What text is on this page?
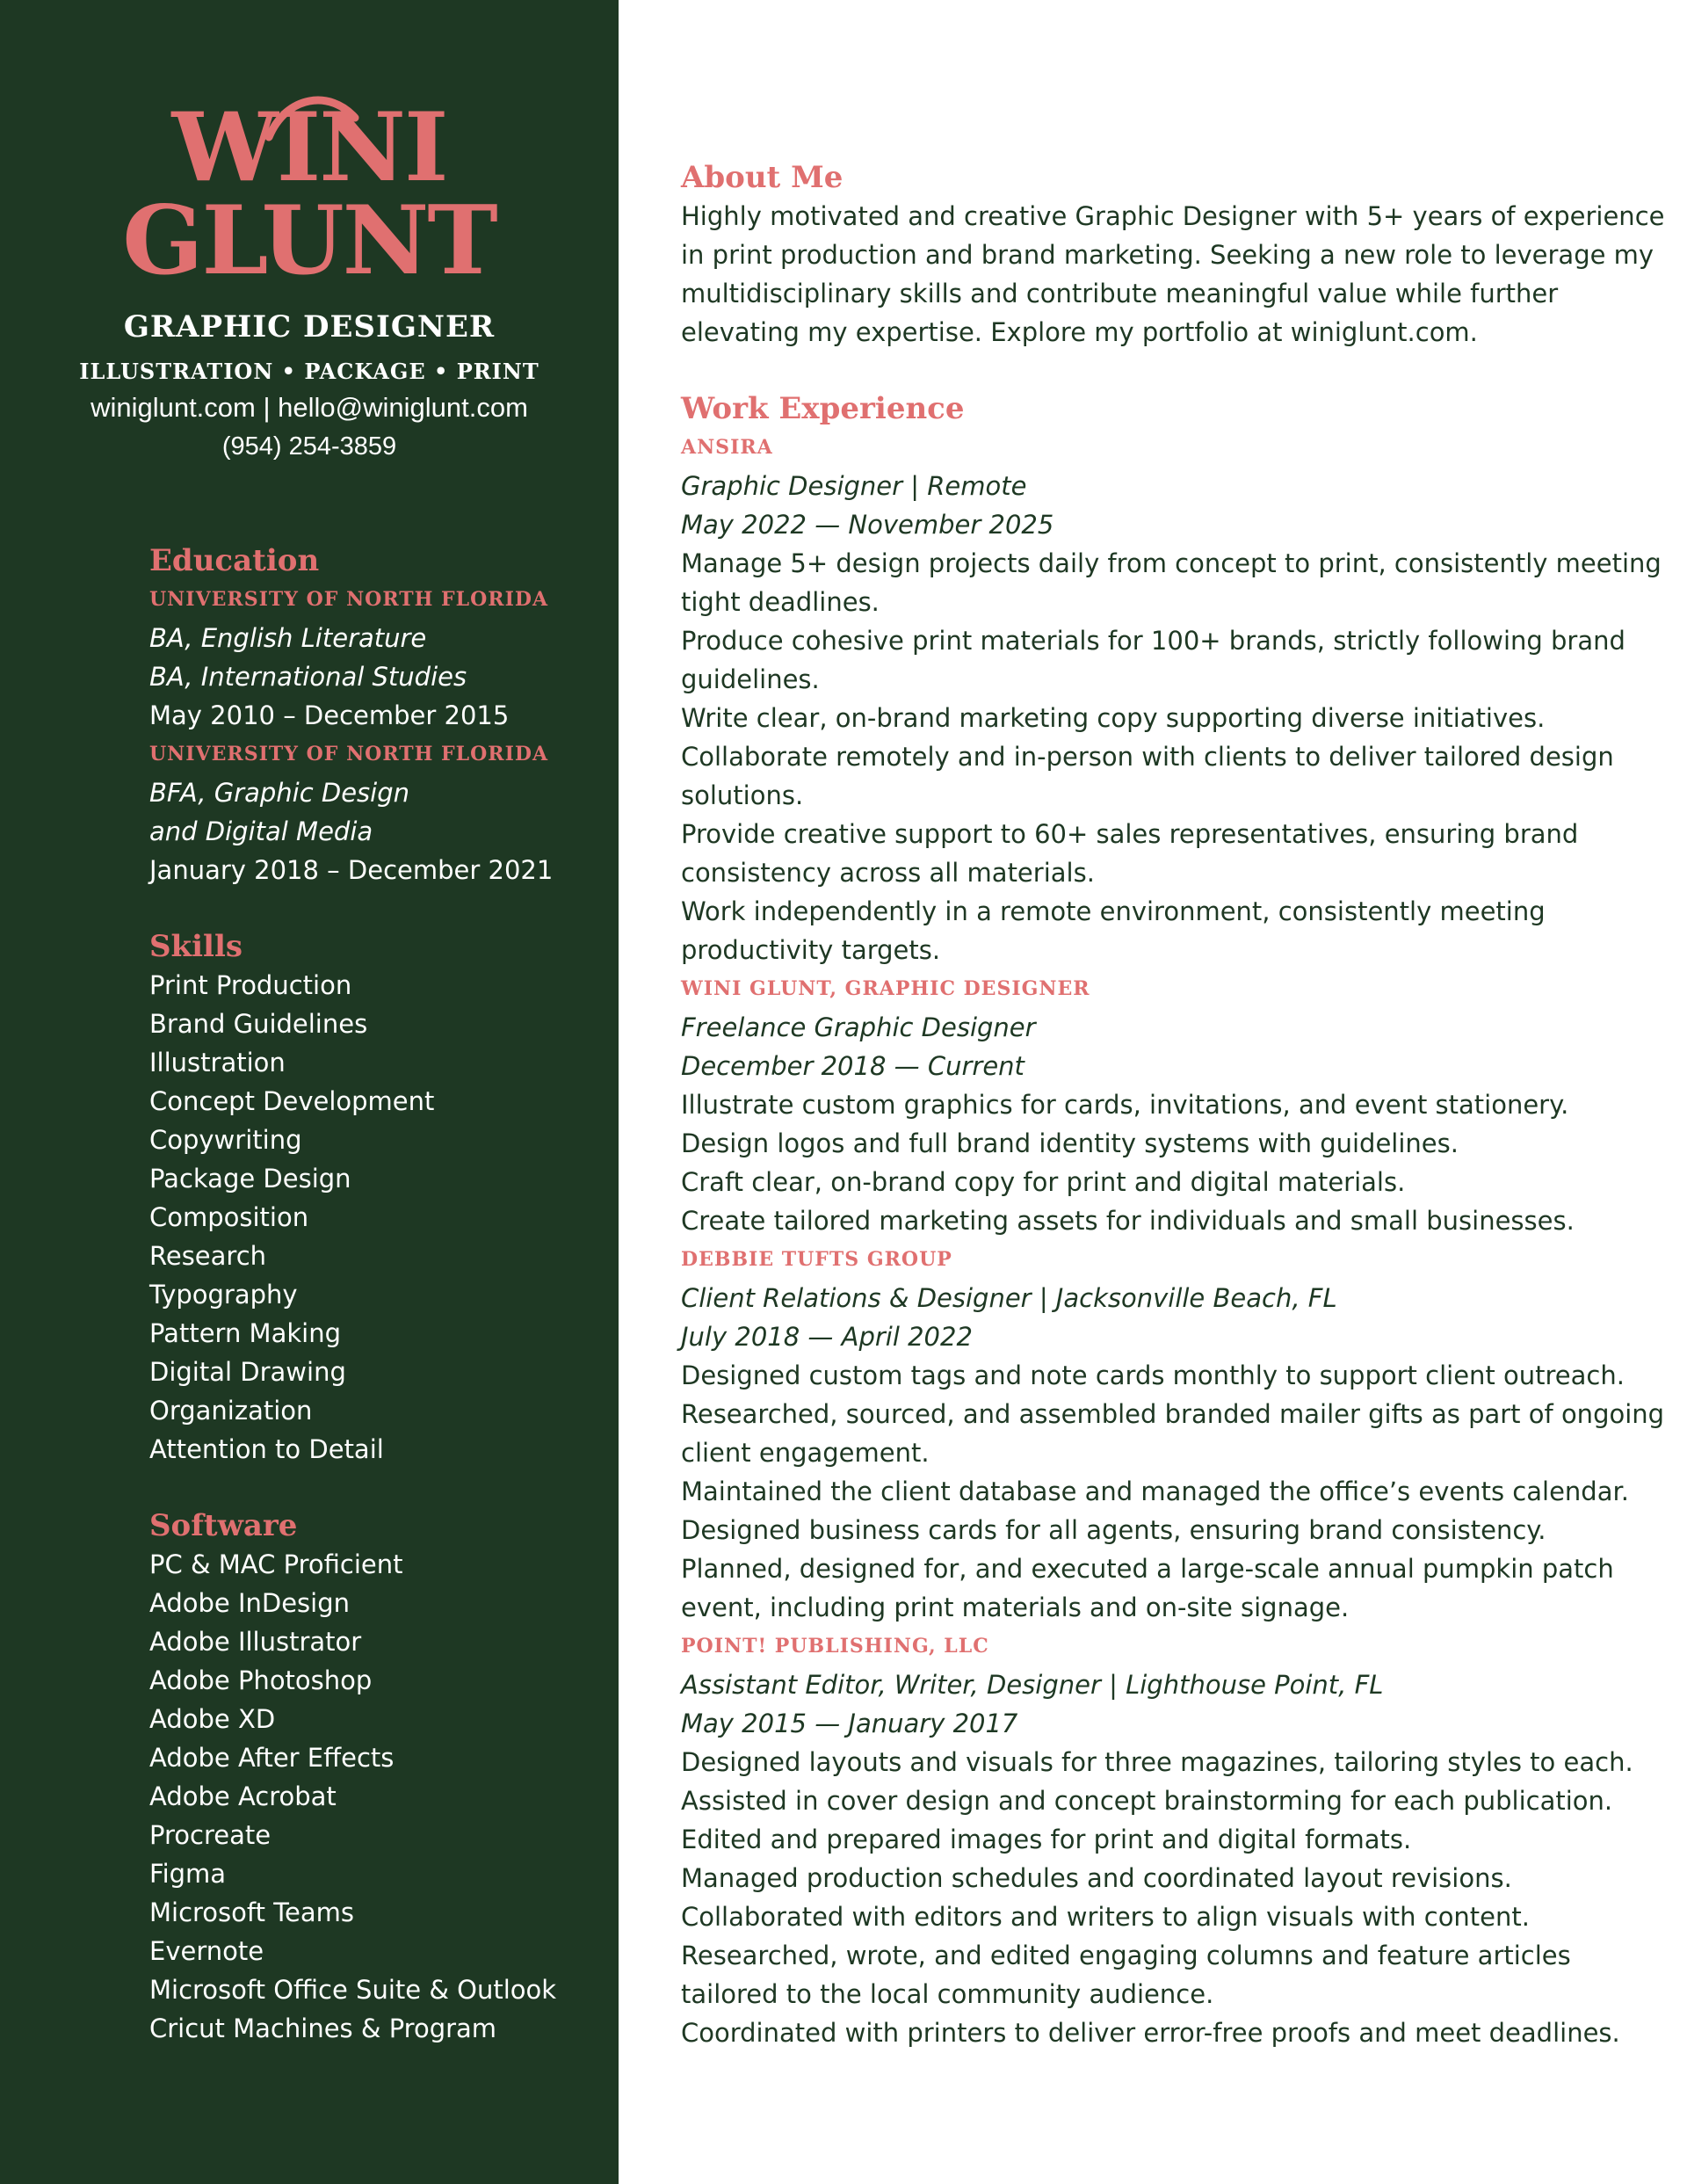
WINI
GLUNT
GRAPHIC DESIGNER
ILLUSTRATION • PACKAGE • PRINT
winiglunt.com | hello@winiglunt.com
(954) 254-3859
Education
UNIVERSITY OF NORTH FLORIDA
BA, English Literature
BA, International Studies
May 2010 – December 2015
UNIVERSITY OF NORTH FLORIDA
BFA, Graphic Design
and Digital Media
January 2018 – December 2021
Skills
Print Production
Brand Guidelines
Illustration
Concept Development
Copywriting
Package Design
Composition
Research
Typography
Pattern Making
Digital Drawing
Organization
Attention to Detail
Software
PC & MAC Proficient
Adobe InDesign
Adobe Illustrator
Adobe Photoshop
Adobe XD
Adobe After Effects
Adobe Acrobat
Procreate
Figma
Microsoft Teams
Evernote
Microsoft Office Suite & Outlook
Cricut Machines & Program
About Me

Highly motivated and creative Graphic Designer with 5+ years of experience in print production and brand marketing. Seeking a new role to leverage my multidisciplinary skills and contribute meaningful value while further elevating my expertise. Explore my portfolio at winiglunt.com.

Work Experience
ANSIRA
Graphic Designer | Remote
May 2022 — November 2025
Manage 5+ design projects daily from concept to print, consistently meeting tight deadlines.
Produce cohesive print materials for 100+ brands, strictly following brand guidelines.
Write clear, on-brand marketing copy supporting diverse initiatives.
Collaborate remotely and in-person with clients to deliver tailored design solutions.
Provide creative support to 60+ sales representatives, ensuring brand consistency across all materials.
Work independently in a remote environment, consistently meeting productivity targets.
WINI GLUNT, GRAPHIC DESIGNER
Freelance Graphic Designer
December 2018 — Current
Illustrate custom graphics for cards, invitations, and event stationery.
Design logos and full brand identity systems with guidelines.
Craft clear, on-brand copy for print and digital materials.
Create tailored marketing assets for individuals and small businesses.
DEBBIE TUFTS GROUP
Client Relations & Designer | Jacksonville Beach, FL
July 2018 — April 2022
Designed custom tags and note cards monthly to support client outreach.
Researched, sourced, and assembled branded mailer gifts as part of ongoing client engagement.
Maintained the client database and managed the office’s events calendar.
Designed business cards for all agents, ensuring brand consistency.
Planned, designed for, and executed a large-scale annual pumpkin patch event, including print materials and on-site signage.
POINT! PUBLISHING, LLC
Assistant Editor, Writer, Designer | Lighthouse Point, FL
May 2015 — January 2017
Designed layouts and visuals for three magazines, tailoring styles to each.
Assisted in cover design and concept brainstorming for each publication.
Edited and prepared images for print and digital formats.
Managed production schedules and coordinated layout revisions.
Collaborated with editors and writers to align visuals with content.
Researched, wrote, and edited engaging columns and feature articles tailored to the local community audience.
Coordinated with printers to deliver error-free proofs and meet deadlines.
